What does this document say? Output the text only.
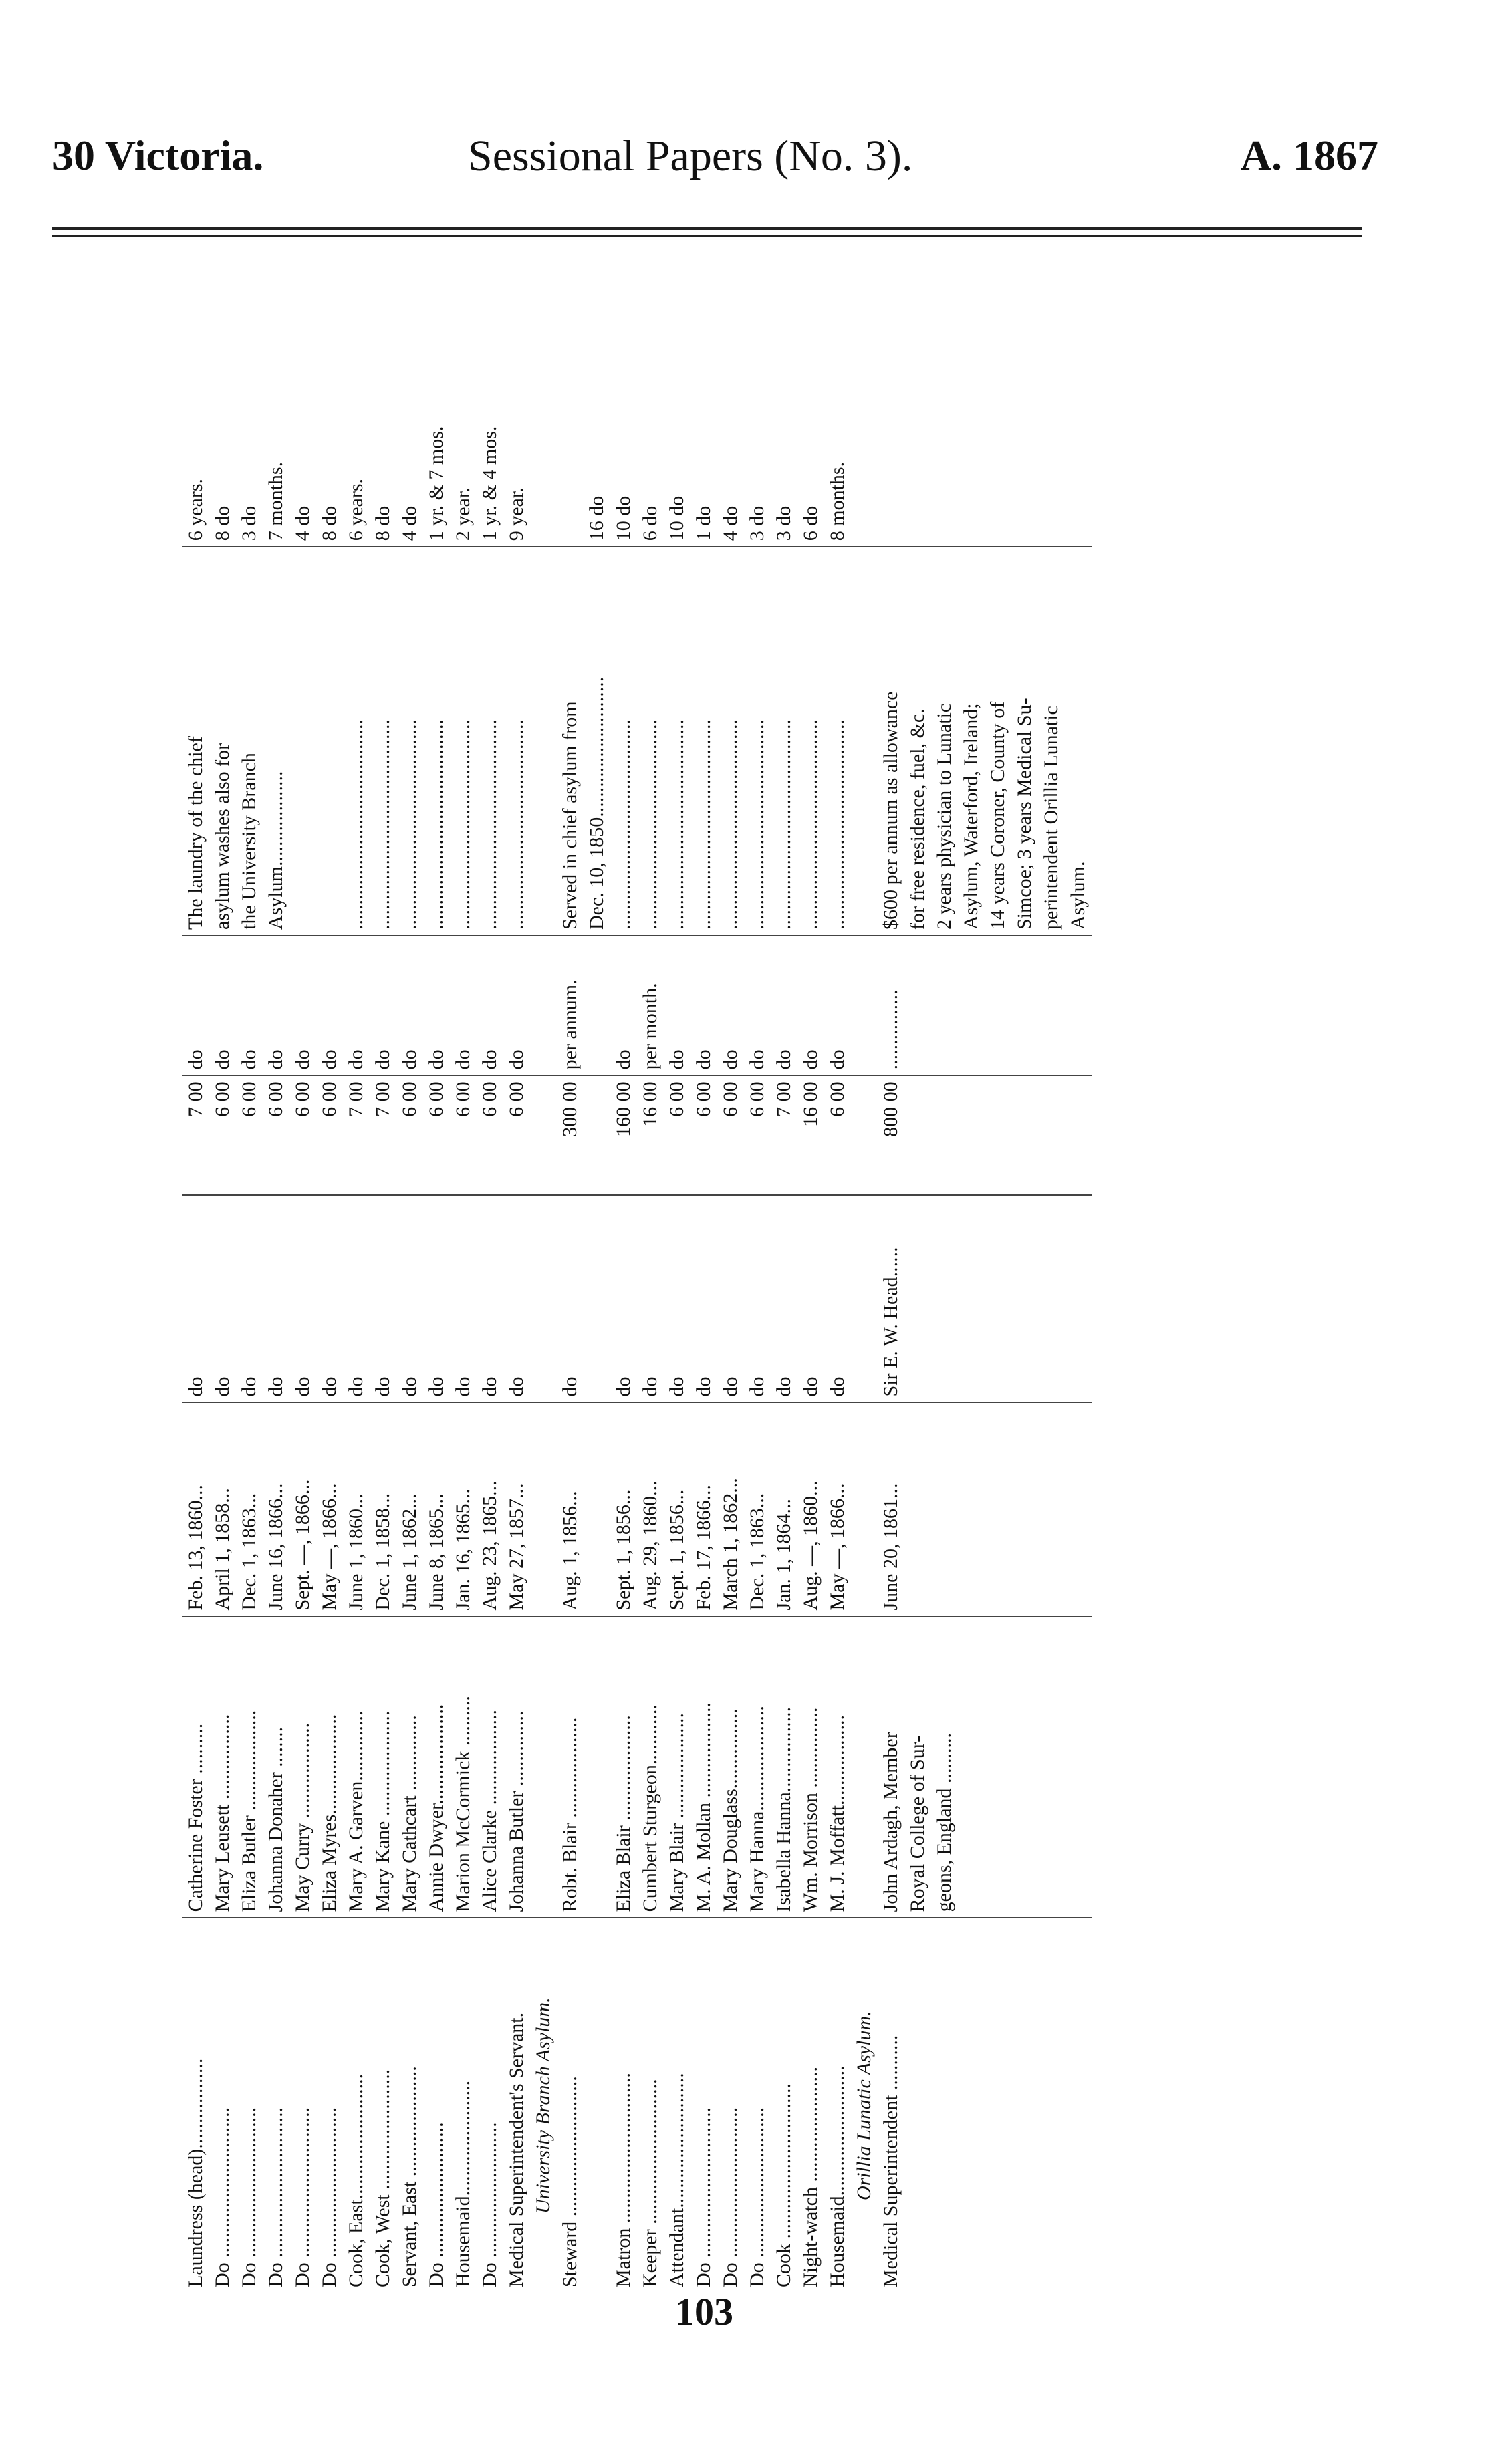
30 Victoria.	Sessional Papers (No. 3).	A. 1867
Laundress (head)..................	Catherine Foster ..........	Feb. 13, 1860...	do	7 00	do	The laundry of the chief	6 years.
Do ..............................	Mary Leusett .................	April 1, 1858...	do	6 00	do	asylum washes also for	8 do
Do ..............................	Eliza Butler ....................	Dec. 1, 1863...	do	6 00	do	the University Branch	3 do
Do ..............................	Johanna Donaher ........	June 16, 1866...	do	6 00	do	Asylum...................	7 months.
Do ..............................	May Curry ...................	Sept. —, 1866...	do	6 00	do		4 do
Do ..............................	Eliza Myres....................	May —, 1866...	do	6 00	do		8 do
Cook, East.........................	Mary A. Garven..............	June 1, 1860...	do	7 00	do	..........................................	6 years.
Cook, West ........................	Mary Kane .....................	Dec. 1, 1858...	do	7 00	do	..........................................	8 do
Servant, East ......................	Mary Cathcart ...............	June 1, 1862...	do	6 00	do	..........................................	4 do
Do ...........................	Annie Dwyer....................	June 8, 1865...	do	6 00	do	..........................................	1 yr. & 7 mos.
Housemaid.......................	Marion McCormick ..........	Jan. 16, 1865...	do	6 00	do	..........................................	2 year.
Do ...........................	Alice Clarke ...................	Aug. 23, 1865...	do	6 00	do	..........................................	1 yr. & 4 mos.
Medical Superintendent's Servant.	Johanna Butler ...............	May 27, 1857...	do	6 00	do	..........................................	9 year.
University Branch Asylum.							
Steward ............................	Robt. Blair ....................	Aug. 1, 1856...	do	300 00	per annum.	Served in chief asylum from	
						Dec. 10, 1850............................	16 do
Matron ..............................	Eliza Blair .....................	Sept. 1, 1856...	do	160 00	do	..........................................	10 do
Keeper .............................	Cumbert Sturgeon............	Aug. 29, 1860...	do	16 00	per month.	..........................................	6 do
Attendant...........................	Mary Blair .....................	Sept. 1, 1856...	do	6 00	do	..........................................	10 do
Do ..............................	M. A. Mollan ...................	Feb. 17, 1866...	do	6 00	do	..........................................	1 do
Do ..............................	Mary Douglass................	March 1, 1862...	do	6 00	do	..........................................	4 do
Do ..............................	Mary Hanna.....................	Dec. 1, 1863...	do	6 00	do	..........................................	3 do
Cook ...............................	Isabella Hanna.................	Jan. 1, 1864...	do	7 00	do	..........................................	3 do
Night-watch .......................	Wm. Morrison ................	Aug. —, 1860...	do	16 00	do	..........................................	6 do
Housemaid..........................	M. J. Moffatt..................	May —, 1866...	do	6 00	do	..........................................	8 months.
Orillia Lunatic Asylum.							
Medical Superintendent ...........	John Ardagh, Member	June 20, 1861...	Sir E. W. Head......	800 00	................	$600 per annum as allowance	
	Royal College of Sur-					for free residence, fuel, &c.	
	geons, England ..........					2 years physician to Lunatic	
						Asylum, Waterford, Ireland;	
						14 years Coroner, County of	
						Simcoe; 3 years Medical Su-	
						perintendent Orillia Lunatic	
						Asylum.	
103
